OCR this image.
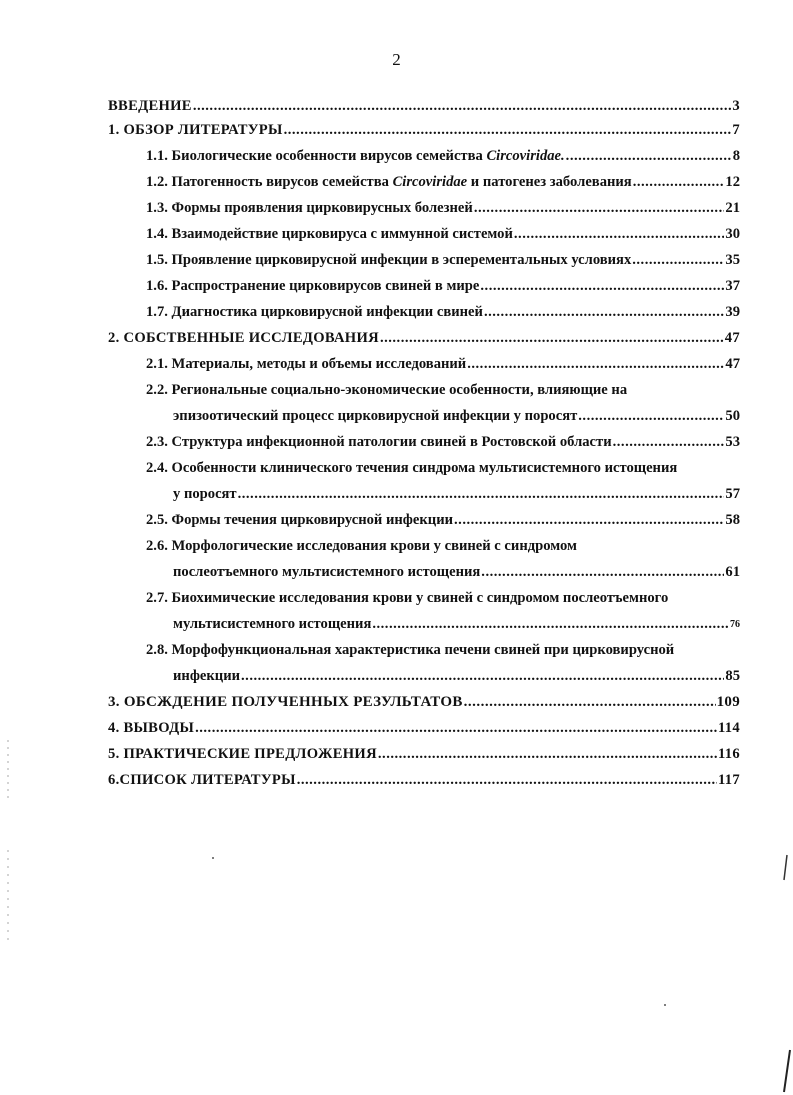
2
ВВЕДЕНИЕ .....	3
1. ОБЗОР ЛИТЕРАТУРЫ .....	7
1.1. Биологические особенности вирусов семейства Circoviridae. .....	8
1.2. Патогенность вирусов семейства Circoviridae и патогенез заболевания .....	12
1.3. Формы проявления цирковирусных болезней .....	21
1.4. Взаимодействие цирковируса с иммунной системой .....	30
1.5. Проявление цирковирусной инфекции в эсперементальных условиях .....	35
1.6. Распространение цирковирусов свиней в мире .....	37
1.7. Диагностика цирковирусной инфекции свиней .....	39
2. СОБСТВЕННЫЕ ИССЛЕДОВАНИЯ .....	47
2.1. Материалы, методы и объемы исследований .....	47
2.2. Региональные социально-экономические особенности, влияющие на
эпизоотический процесс цирковирусной инфекции у поросят .....	50
2.3. Структура инфекционной патологии свиней в Ростовской области .....	53
2.4. Особенности клинического течения синдрома мультисистемного истощения
у поросят .....	57
2.5. Формы течения цирковирусной инфекции .....	58
2.6. Морфологические исследования крови у свиней с синдромом
послеотъемного мультисистемного истощения .....	61
2.7. Биохимические исследования крови у свиней с синдромом послеотъемного
мультисистемного истощения .....	76
2.8. Морфофункциональная характеристика печени свиней при цирковирусной
инфекции .....	85
3. ОБСЖДЕНИЕ ПОЛУЧЕННЫХ РЕЗУЛЬТАТОВ .....	109
4. ВЫВОДЫ .....	114
5. ПРАКТИЧЕСКИЕ ПРЕДЛОЖЕНИЯ .....	116
6.СПИСОК ЛИТЕРАТУРЫ .....	117
